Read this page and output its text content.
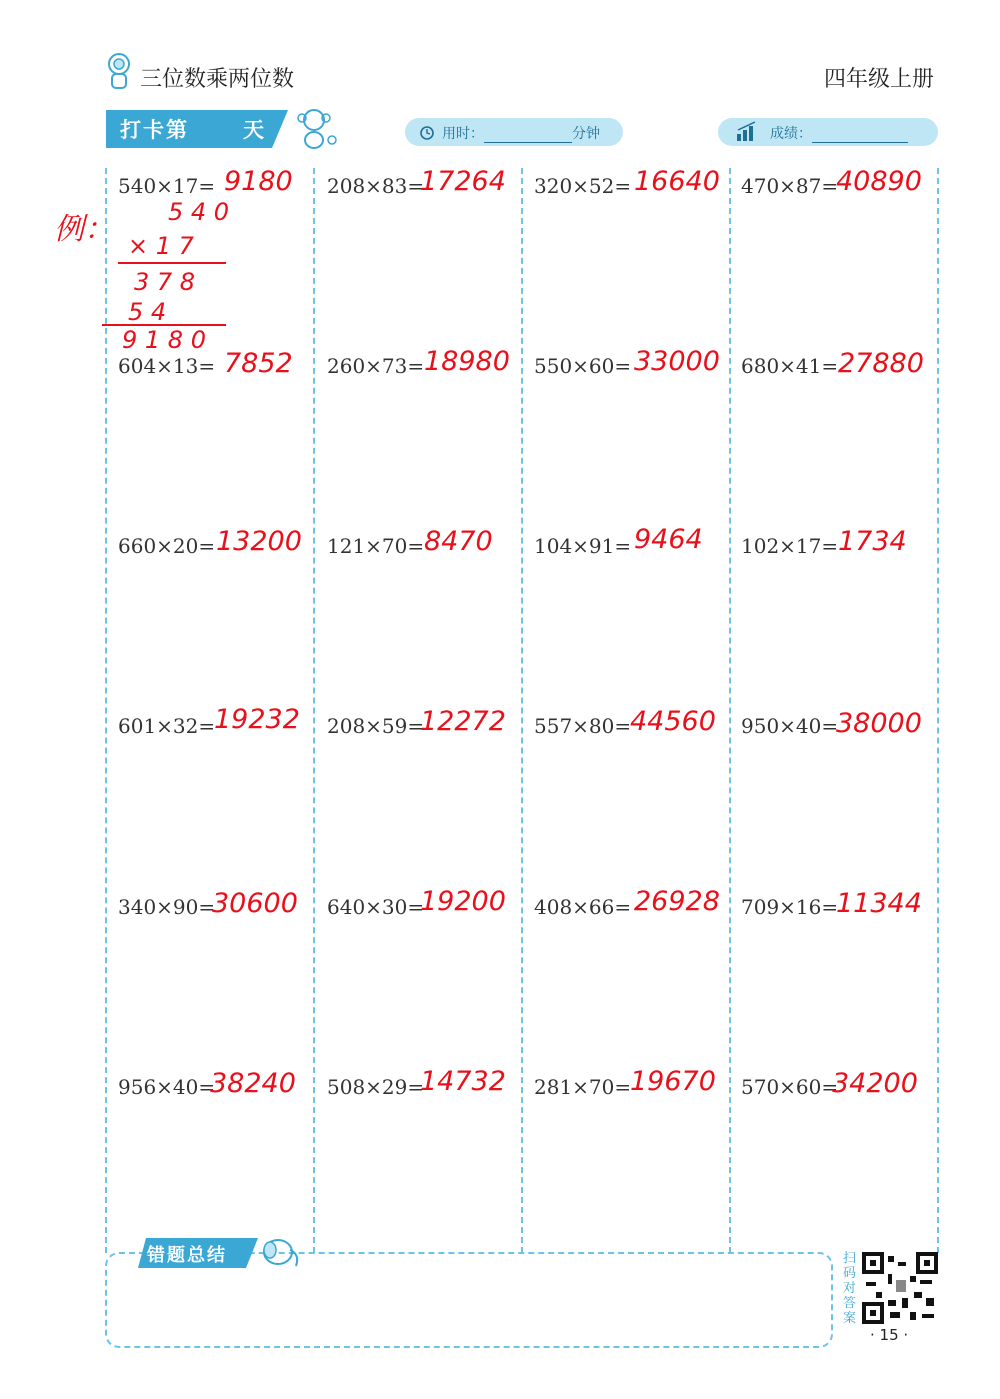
三位数乘两位数	四年级上册
打卡第	天	用时：	分钟	成绩：
例： 5 4 0
× 1 7
3 7 8
5 4
9 1 8 0
540×17= 9180 208×83=
17264 320×52= 16640 470×87=
40890
604×13= 7852 260×73= 18980 550×60= 33000 680×41= 27880
660×20= 13200 121×70= 8470 104×91= 9464 102×17= 1734
601×32=
19232 208×59=
12272 557×80=
44560 950×40=
38000
340×90=
30600 640×30=
19200 408×66= 26928 709×16=
11344
956×40=
38240 508×29=
14732 281×70=
19670 570×60=
34200
错题总结	扫码对答案
· 15 ·
